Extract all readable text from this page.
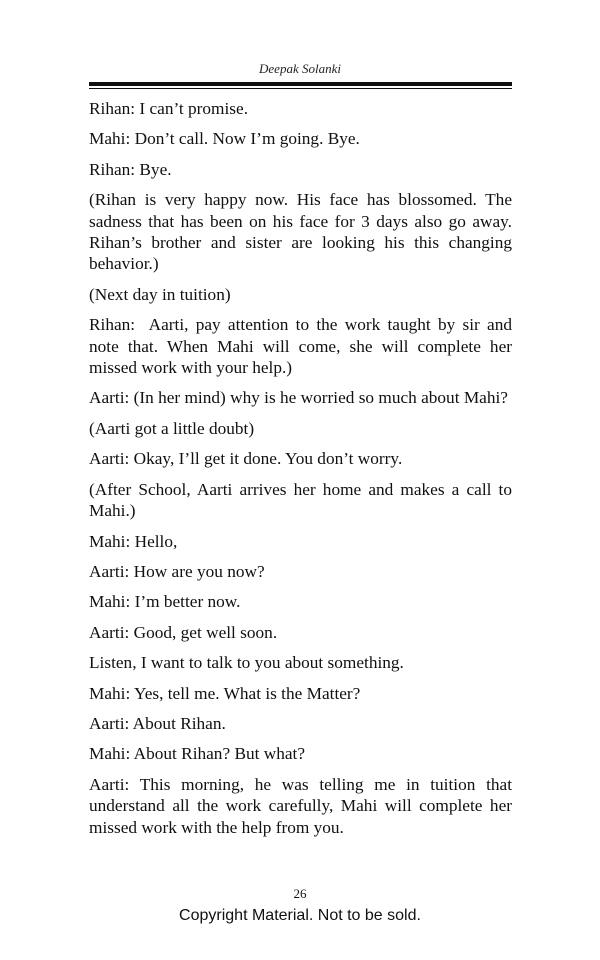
Deepak Solanki

Rihan: I can’t promise.

Mahi: Don’t call. Now I’m going. Bye.

Rihan: Bye.

(Rihan is very happy now. His face has blossomed. The sadness that has been on his face for 3 days also go away. Rihan’s brother and sister are looking his this changing behavior.)

(Next day in tuition)

Rihan:  Aarti, pay attention to the work taught by sir and note that. When Mahi will come, she will complete her missed work with your help.)

Aarti: (In her mind) why is he worried so much about Mahi?

(Aarti got a little doubt)

Aarti: Okay, I’ll get it done. You don’t worry.

(After School, Aarti arrives her home and makes a call to Mahi.)

Mahi: Hello,

Aarti: How are you now?

Mahi: I’m better now.

Aarti: Good, get well soon.

Listen, I want to talk to you about something.

Mahi: Yes, tell me. What is the Matter?

Aarti: About Rihan.

Mahi: About Rihan? But what?

Aarti: This morning, he was telling me in tuition that understand all the work carefully, Mahi will complete her missed work with the help from you.

26
Copyright Material. Not to be sold.
